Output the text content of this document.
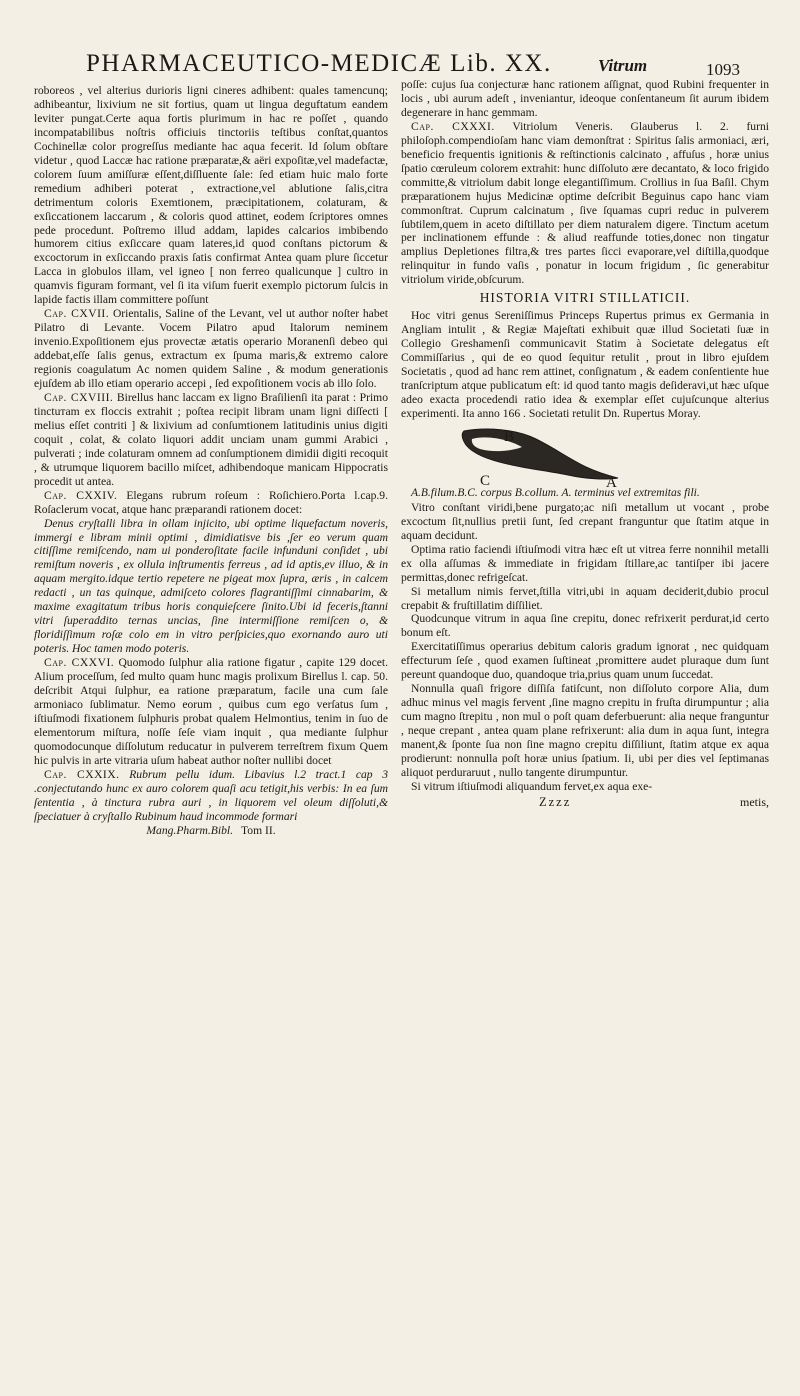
PHARMACEUTICO-MEDICÆ Lib. XX.	Vitrum	1093

roboreos , vel alterius durioris ligni cineres adhibent: quales tamencunq; adhibeantur, lixivium ne sit fortius, quam ut lingua deguftatum eandem leviter pungat.Certe aqua fortis plurimum in hac re poſſet , quando incompatabilibus noſtris officiuis tinctoriis teſtibus conſtat,quantos Cochinellæ color progreſſus mediante hac aqua fecerit. Id ſolum obſtare videtur , quod Laccæ hac ratione præparatæ,& aëri expoſitæ,vel madefactæ, colorem ſuum amiſſuræ eſſent,diſſluente ſale: ſed etiam huic malo forte remedium adhiberi poterat , extractione,vel ablutione ſalis,citra detrimentum coloris Exemtionem, præcipitationem, colaturam, & exſiccationem laccarum , & coloris quod attinet, eodem ſcriptores omnes pede procedunt. Poſtremo illud addam, lapides calcarios imbibendo humorem citius exſiccare quam lateres,id quod conſtans pictorum & excoctorum in exſiccando praxis ſatis confirmat Antea quam plure ſiccetur Lacca in globulos illam, vel igneo [ non ferreo qualicunque ] cultro in quamvis figuram formant, vel ſi ita viſum fuerit exemplo pictorum ſulcis in lapide factis illam committere poſſunt

Cap. CXVII. Orientalis, Saline of the Levant, vel ut author noſter habet Pilatro di Levante. Vocem Pilatro apud Italorum neminem invenio.Expoſitionem ejus provectæ ætatis operario Moranenſi debeo qui addebat,eſſe ſalis genus, extractum ex ſpuma maris,& extremo calore regionis coagulatum Ac nomen quidem Saline , & modum generationis ejuſdem ab illo etiam operario accepi , ſed expoſitionem vocis ab illo ſolo.

Cap. CXVIII. Birellus hanc laccam ex ligno Braſilienſi ita parat : Primo tinctuтam ex floccis extrahit ; poſtea recipit libram unam ligni diſſecti [ melius eſſet contriti ] & lixivium ad conſumtionem latitudinis unius digiti coquit , colat, & colato liquori addit unciam unam gummi Arabici , pulverati ; inde colaturam omnem ad conſumptionem dimidii digiti recoquit , & utrumque liquorem bacillo miſcet, adhibendoque manicam Hippocratis procedit ut antea.

Cap. CXXIV. Elegans rubrum roſeum : Roſichiero.Porta l.cap.9. Roſaclerum vocat, atque hanc præparandi rationem docet:

Denus cryſtalli libra in ollam injicito, ubi optime liquefactum noveris, immergi e libram minii optimi , dimidiatisve bis ,ſer eo verum quam citiſſime remiſcendo, nam ui ponderoſitate facile infunduni conſidet , ubi remiſtum noveris , ex ollula inſtrumentis ferreus , ad id aptis,ev illuo, & in aquam mergito.idque tertio repetere ne pigeat mox ſupra, æris , in calcem redacti , un tas quinque, admiſceto colores flagrantiſſimi cinnabarim, & maxime exagitatum tribus horis conquieſcere ſinito.Ubi id feceris,ſtanni vitri ſuperaddito ternas uncias, ſine intermiſſione remiſcen o, & floridiſſimum roſæ colo em in vitro perſpicies,quo exornando auro uti poteris. Hoc tamen modo poteris.

Cap. CXXVI. Quomodo ſulphur alia ratione figatur , capite 129 docet. Alium proceſſum, ſed multo quam hunc magis prolixum Birellus l. cap. 50. deſcribit Atqui ſulphur, ea ratione præparatum, facile una cum ſale armoniaco ſublimatur. Nemo eorum , quibus cum ego verſatus ſum , iſtiuſmodi fixationem ſulphuris probat qualem Helmontius, tenim in ſuo de elementorum miſtura, noſſe ſeſe viam inquit , qua mediante ſulphur quomodocunque diſſolutum reducatur in pulverem terreſtrem fixum Quem hic pulvis in arte vitraria uſum habeat author noſter nullibi docet

Cap. CXXIX. Rubrum pellu idum. Libavius l.2 tract.1 cap 3 .conjectutando hunc ex auro colorem quaſi acu tetigit,his verbis: In ea ſum ſententia , à tinctura rubra auri , in liquorem vel oleum diſſoluti,& ſpeciatuer à cryſtallo Rubinum haud incommode formari

Mang.Pharm.Bibl. Tom II.

poſſe: cujus ſua conjecturæ hanc rationem aſſignat, quod Rubini frequenter in locis , ubi aurum adeſt , inveniantur, ideoque conſentaneum ſit aurum ibidem degenerare in hanc gemmam.

Cap. CXXXI. Vitriolum Veneris. Glauberus l. 2. furni philoſoph.compendioſam hanc viam demonſtrat : Spiritus ſalis armoniaci, æri, beneficio frequentis ignitionis & reſtinctionis calcinato , affuſus , horæ unius ſpatio cœruleum colorem extrahit: hunc diſſoluto ære decantato, & loco frigido committe,& vitriolum dabit longe elegantiſſimum. Crollius in ſua Baſil. Chym præparationem hujus Medicinæ optime deſcribit Beguinus capo hanc viam commonſtrat. Cuprum calcinatum , ſive ſquamas cupri reduc in pulverem ſubtilem,quem in aceto diſtillato per diem naturalem digere. Tinctum acetum per inclinationem effunde : & aliud reaffunde toties,donec non tingatur amplius Depletiones filtra,& tres partes ſicci evaporare,vel diſtilla,quodque relinquitur in fundo vaſis , ponatur in locum frigidum , ſic generabitur vitriolum viride,obſcurum.

HISTORIA VITRI STILLATICII.

Hoc vitri genus Sereniſſimus Princeps Rupertus primus ex Germania in Angliam intulit , & Regiæ Majeſtati exhibuit quæ illud Societati ſuæ in Collegio Greshamenſi communicavit Statim à Societate delegatus eſt Commiſſarius , qui de eo quod ſequitur retulit , prout in libro ejuſdem Societatis , quod ad hanc rem attinet, conſignatum , & eadem conſentiente hue tranſcriptum atque publicatum eſt: id quod tanto magis deſideravi,ut hæc uſque adeo exacta procedendi ratio idea & exemplar eſſet cujuſcunque alterius experimenti. Ita anno 166 . Societati retulit Dn. Rupertus Moray.

B
C	A

A.B.filum.B.C. corpus B.collum. A. terminus vel extremitas fili.

Vitro conſtant viridi,bene purgato;ac niſi metallum ut vocant , probe excoctum ſit,nullius pretii ſunt, ſed crepant franguntur que ſtatim atque in aquam decidunt.

Optima ratio faciendi iſtiuſmodi vitra hæc eſt ut vitrea ferre nonnihil metalli ex olla aſſumas & immediate in frigidam ſtillare,ac tantiſper ibi jacere permittas,donec refrigeſcat.

Si metallum nimis fervet,ſtilla vitri,ubi in aquam deciderit,dubio procul crepabit & fruſtillatim diſſiliet.

Quodcunque vitrum in aqua ſine crepitu, donec refrixerit perdurat,id certo bonum eſt.

Exercitatiſſimus operarius debitum caloris gradum ignorat , nec quidquam effecturum ſeſe , quod examen ſuſtineat ,promittere audet pluraque dum ſunt pereunt quandoque duo, quandoque tria,prius quam unum ſuccedat.

Nonnulla quaſi frigore diſſiſa fatiſcunt, non diſſoluto corpore Alia, dum adhuc minus vel magis fervent ,ſine magno crepitu in fruſta dirumpuntur ; alia cum magno ſtrepitu , non mul o poſt quam deferbuerunt: alia neque franguntur , neque crepant , antea quam plane refrixerunt: alia dum in aqua ſunt, integra manent,& ſponte ſua non ſine magno crepitu diſſiliunt, ſtatim atque ex aqua prodierunt: nonnulla poſt horæ unius ſpatium. Ii, ubi per dies vel ſeptimanas aliquot perduraruut , nullo tangente dirumpuntur.

Si vitrum iſtiuſmodi aliquandum fervet,ex aqua exe-

Zzzz	metis,
